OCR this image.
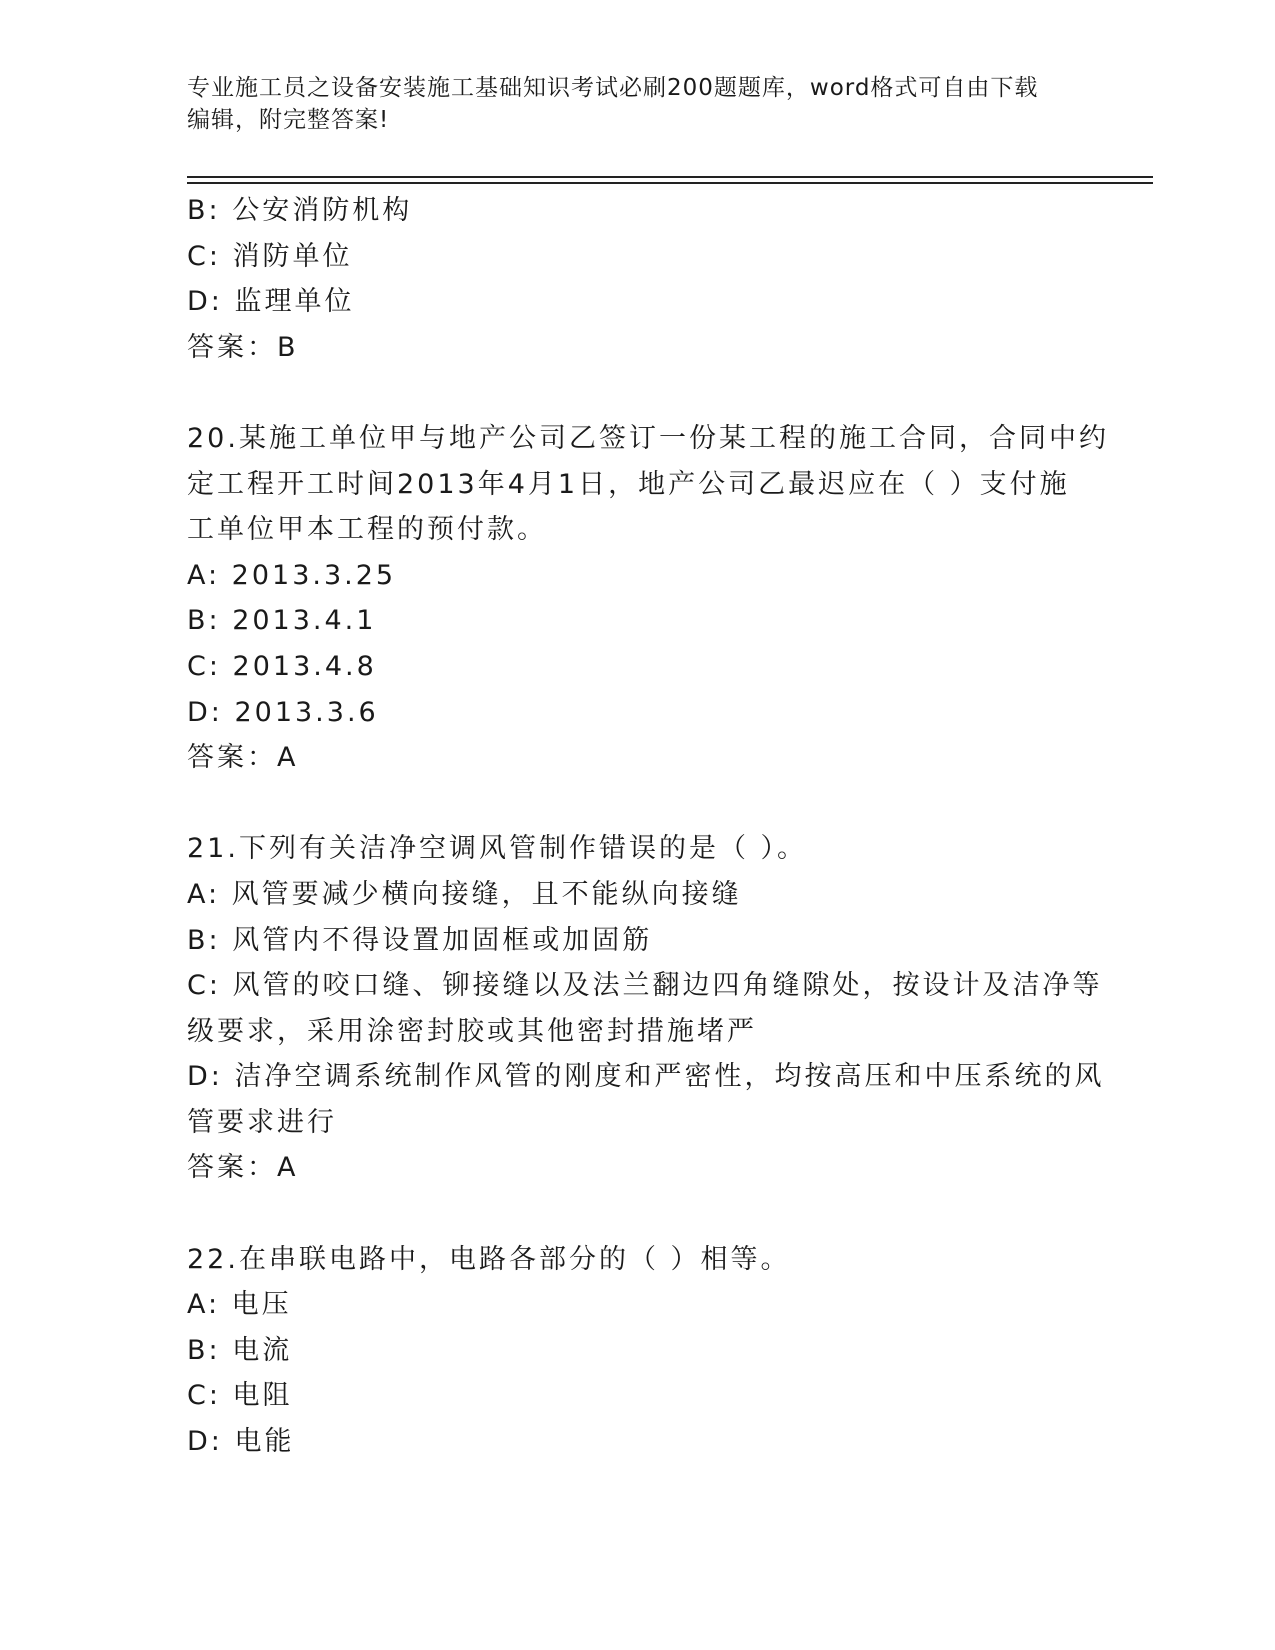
专业施工员之设备安装施工基础知识考试必刷200题题库，word格式可自由下载
编辑，附完整答案!
B: 公安消防机构
C: 消防单位
D: 监理单位
答案：B
20.某施工单位甲与地产公司乙签订一份某工程的施工合同，合同中约
定工程开工时间2013年4月1日，地产公司乙最迟应在（ ）支付施
工单位甲本工程的预付款。
A: 2013.3.25
B: 2013.4.1
C: 2013.4.8
D: 2013.3.6
答案：A
21.下列有关洁净空调风管制作错误的是（ ）。
A: 风管要减少横向接缝，且不能纵向接缝
B: 风管内不得设置加固框或加固筋
C: 风管的咬口缝、铆接缝以及法兰翻边四角缝隙处，按设计及洁净等
级要求，采用涂密封胶或其他密封措施堵严
D: 洁净空调系统制作风管的刚度和严密性，均按高压和中压系统的风
管要求进行
答案：A
22.在串联电路中，电路各部分的（ ）相等。
A: 电压
B: 电流
C: 电阻
D: 电能
